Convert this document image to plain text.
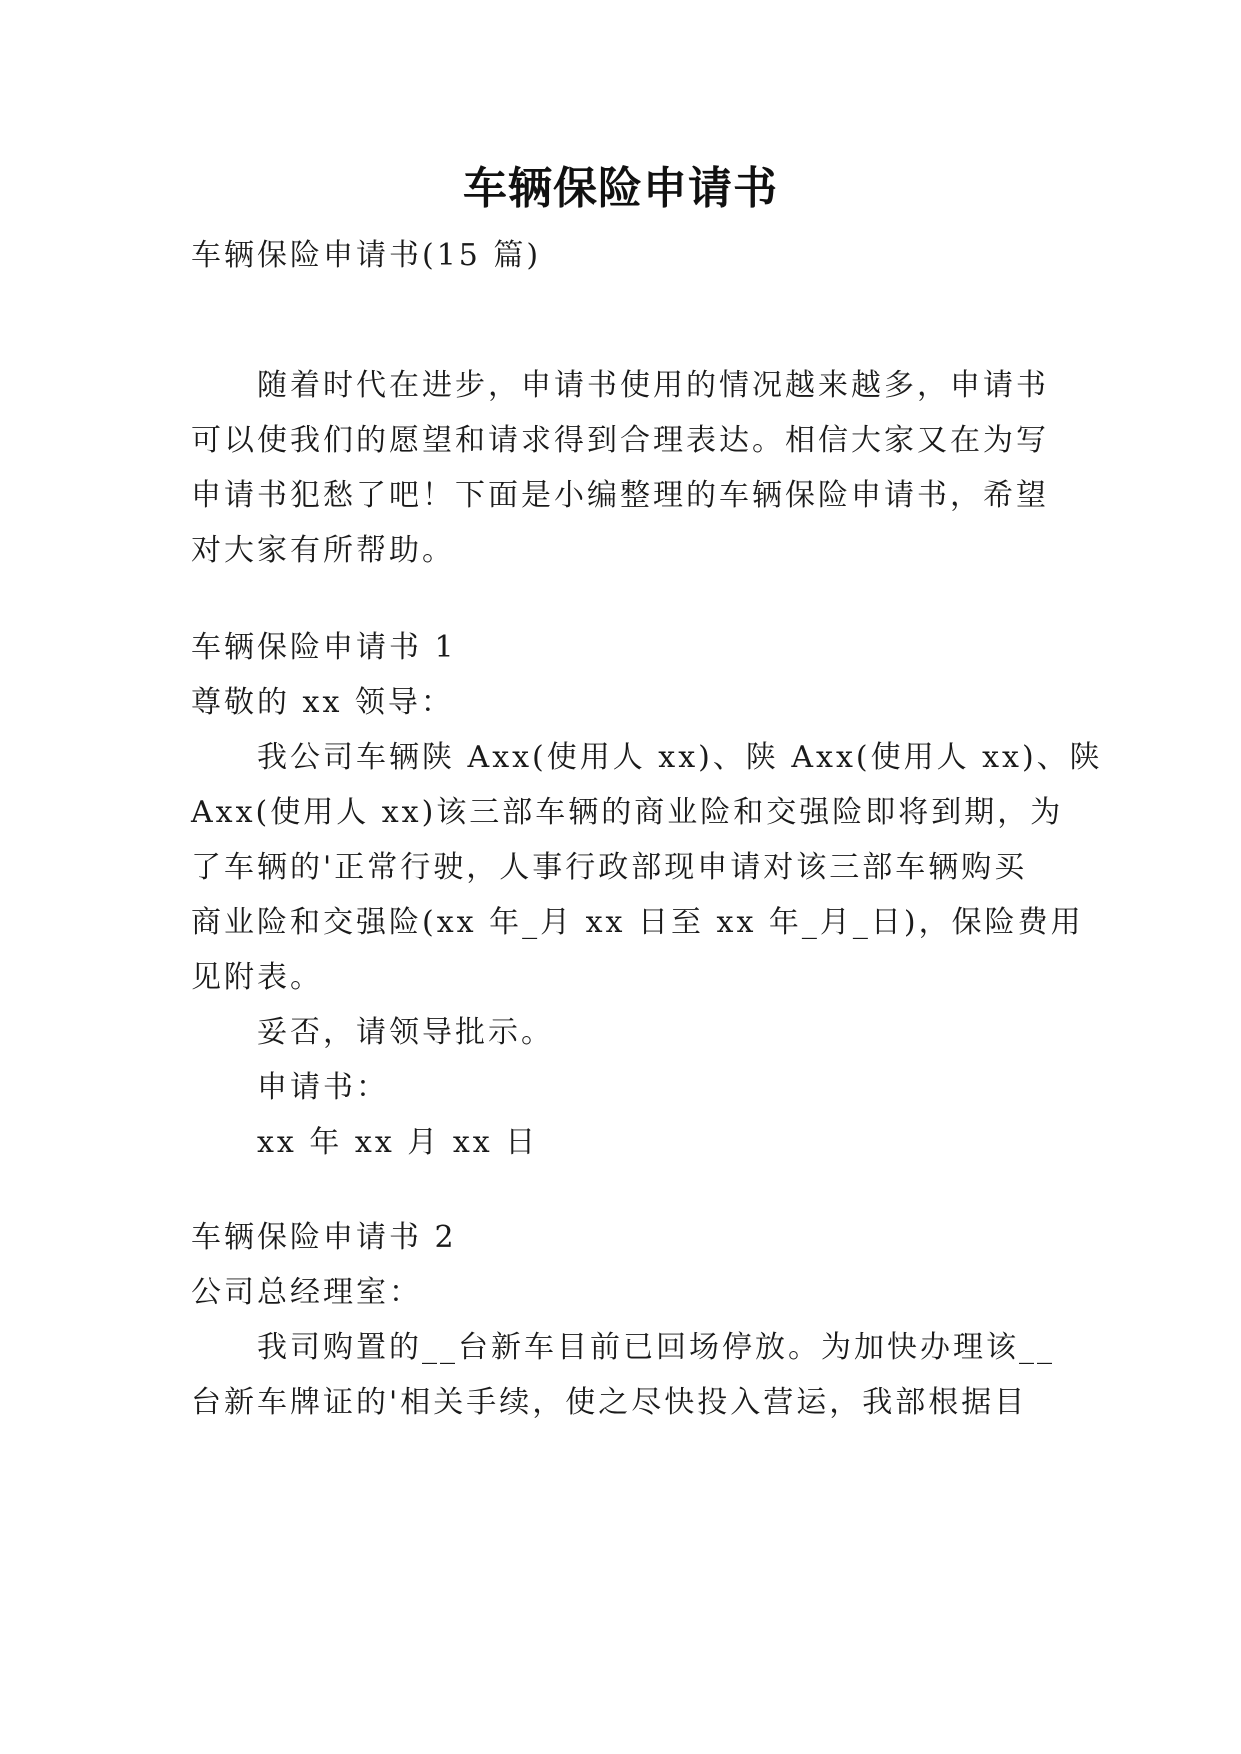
车辆保险申请书
车辆保险申请书(15 篇)
随着时代在进步，申请书使用的情况越来越多，申请书
可以使我们的愿望和请求得到合理表达。相信大家又在为写
申请书犯愁了吧！下面是小编整理的车辆保险申请书，希望
对大家有所帮助。
车辆保险申请书 1
尊敬的 xx 领导：
我公司车辆陕 Axx(使用人 xx)、陕 Axx(使用人 xx)、陕
Axx(使用人 xx)该三部车辆的商业险和交强险即将到期，为
了车辆的'正常行驶，人事行政部现申请对该三部车辆购买
商业险和交强险(xx 年_月 xx 日至 xx 年_月_日)，保险费用
见附表。
妥否，请领导批示。
申请书：
xx 年 xx 月 xx 日
车辆保险申请书 2
公司总经理室：
我司购置的__台新车目前已回场停放。为加快办理该__
台新车牌证的'相关手续，使之尽快投入营运，我部根据目
